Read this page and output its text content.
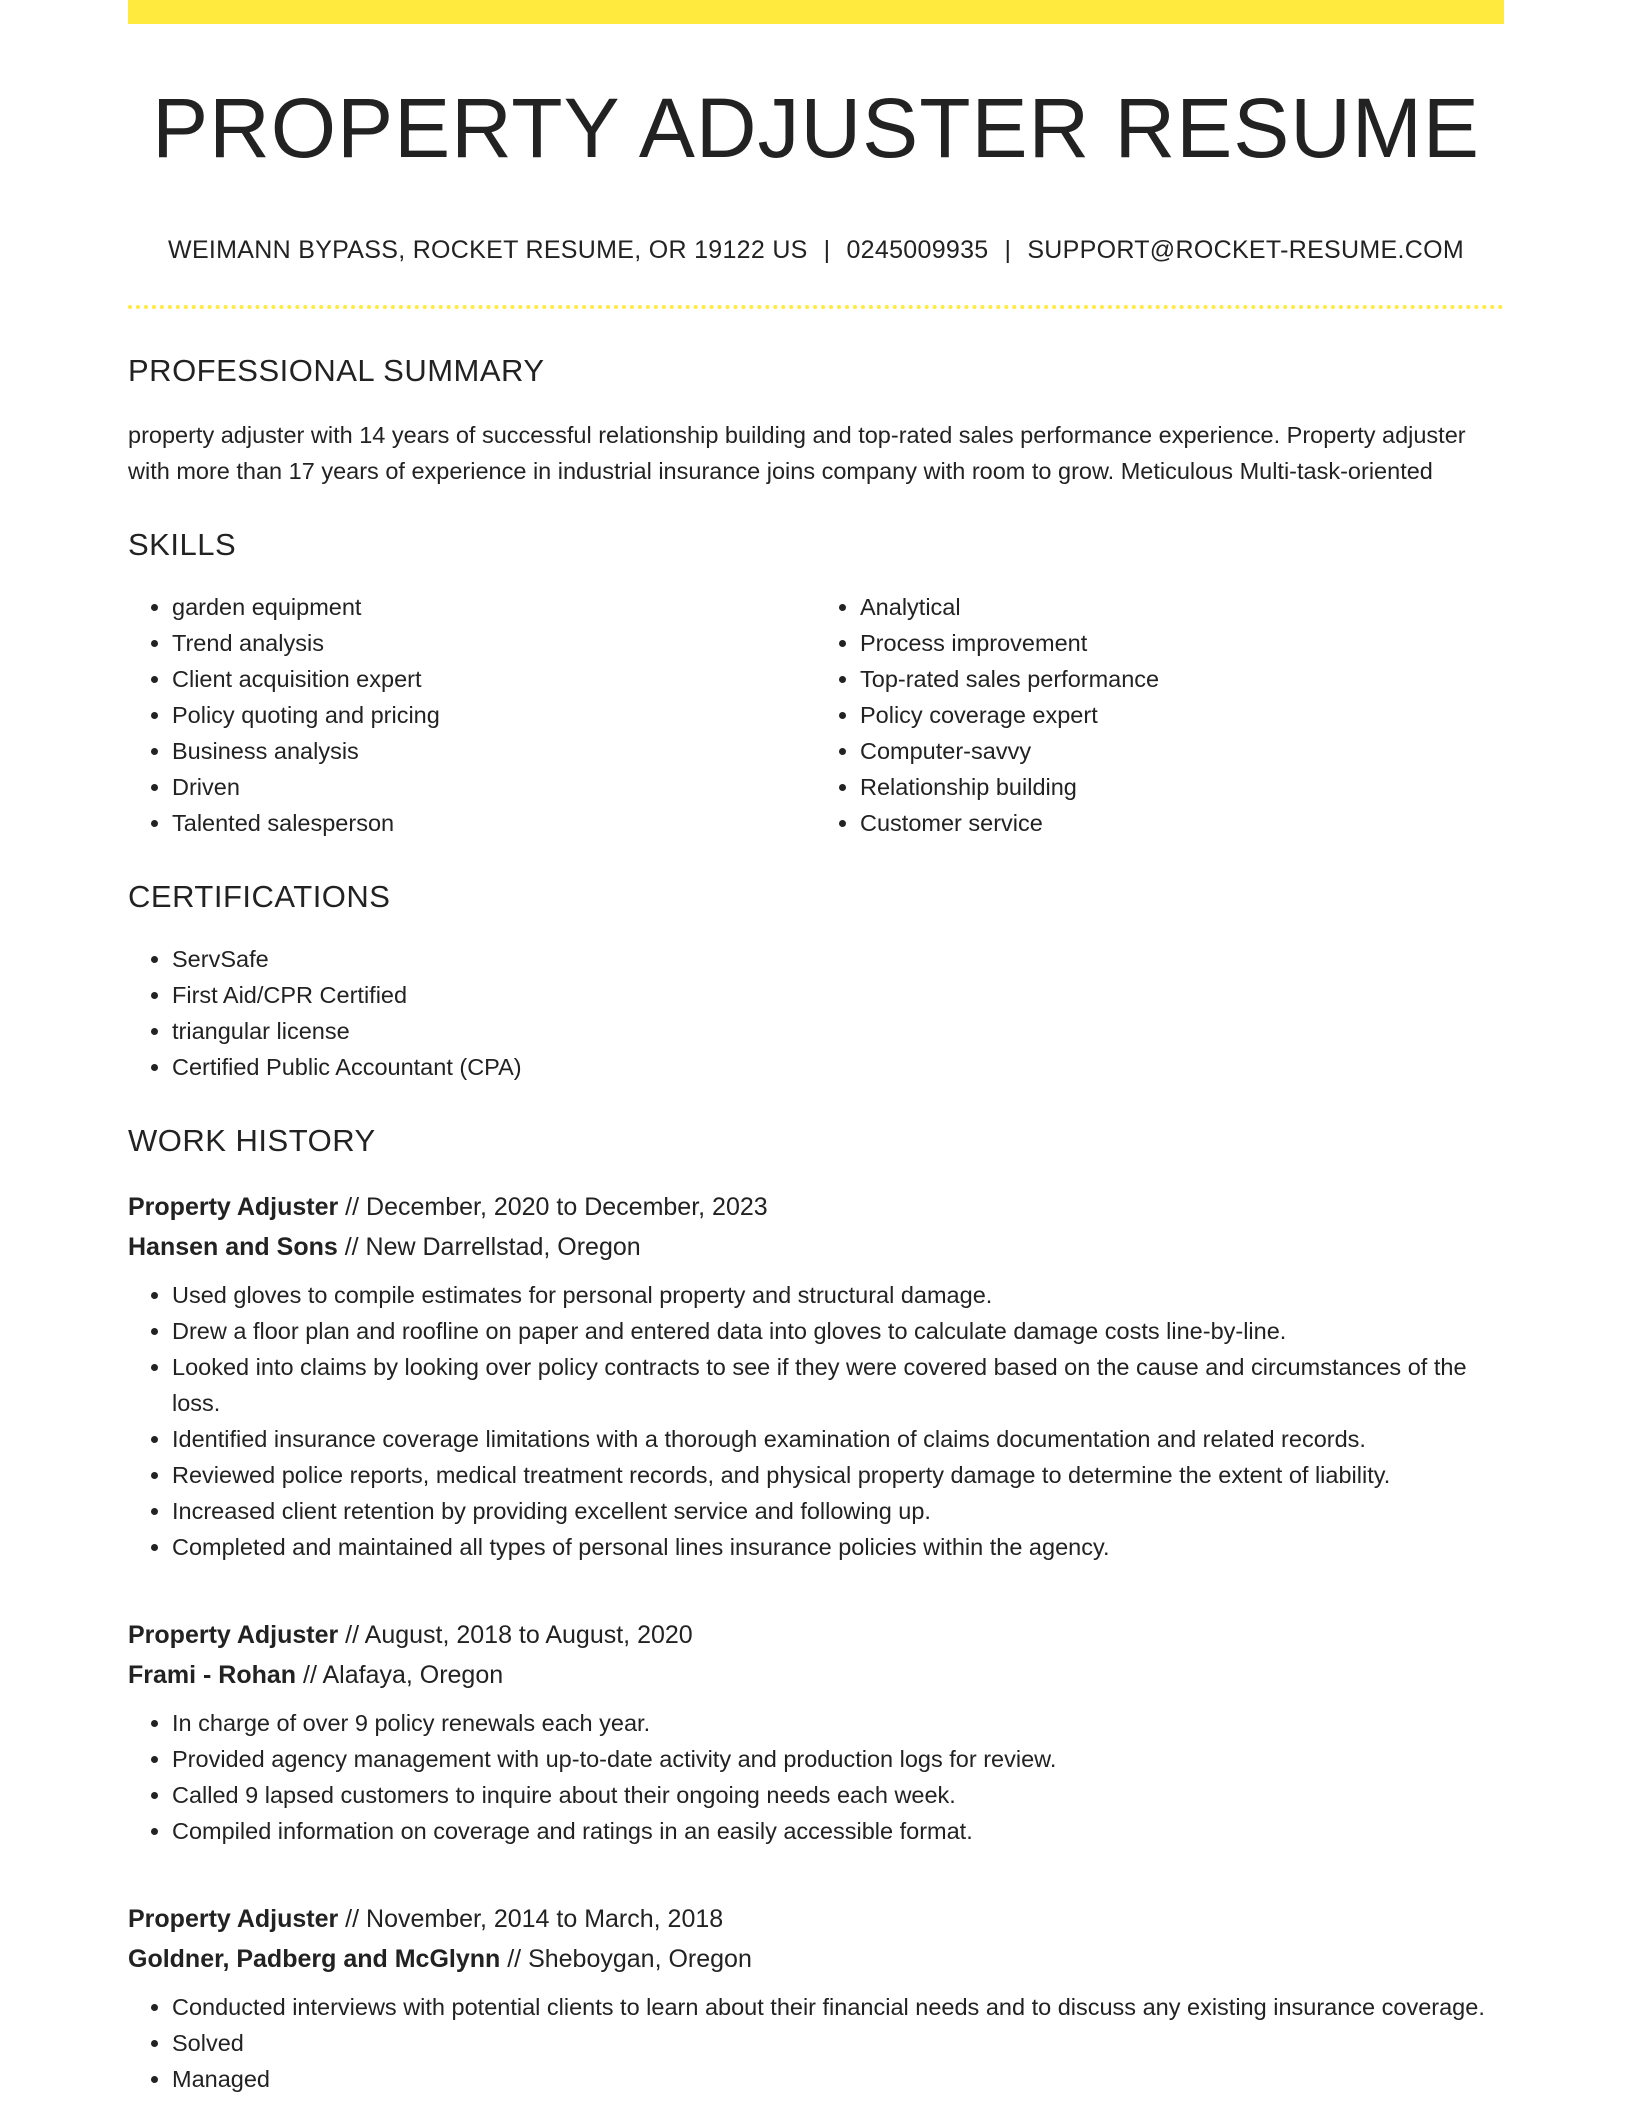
PROPERTY ADJUSTER RESUME
WEIMANN BYPASS, ROCKET RESUME, OR 19122 US | 0245009935 | SUPPORT@ROCKET-RESUME.COM
PROFESSIONAL SUMMARY
property adjuster with 14 years of successful relationship building and top-rated sales performance experience. Property adjuster with more than 17 years of experience in industrial insurance joins company with room to grow. Meticulous Multi-task-oriented
SKILLS
• garden equipment
• Trend analysis
• Client acquisition expert
• Policy quoting and pricing
• Business analysis
• Driven
• Talented salesperson
• Analytical
• Process improvement
• Top-rated sales performance
• Policy coverage expert
• Computer-savvy
• Relationship building
• Customer service
CERTIFICATIONS
• ServSafe
• First Aid/CPR Certified
• triangular license
• Certified Public Accountant (CPA)
WORK HISTORY
Property Adjuster // December, 2020 to December, 2023
Hansen and Sons // New Darrellstad, Oregon
• Used gloves to compile estimates for personal property and structural damage.
• Drew a floor plan and roofline on paper and entered data into gloves to calculate damage costs line-by-line.
• Looked into claims by looking over policy contracts to see if they were covered based on the cause and circumstances of the loss.
• Identified insurance coverage limitations with a thorough examination of claims documentation and related records.
• Reviewed police reports, medical treatment records, and physical property damage to determine the extent of liability.
• Increased client retention by providing excellent service and following up.
• Completed and maintained all types of personal lines insurance policies within the agency.
Property Adjuster // August, 2018 to August, 2020
Frami - Rohan // Alafaya, Oregon
• In charge of over 9 policy renewals each year.
• Provided agency management with up-to-date activity and production logs for review.
• Called 9 lapsed customers to inquire about their ongoing needs each week.
• Compiled information on coverage and ratings in an easily accessible format.
Property Adjuster // November, 2014 to March, 2018
Goldner, Padberg and McGlynn // Sheboygan, Oregon
• Conducted interviews with potential clients to learn about their financial needs and to discuss any existing insurance coverage.
• Solved
• Managed
